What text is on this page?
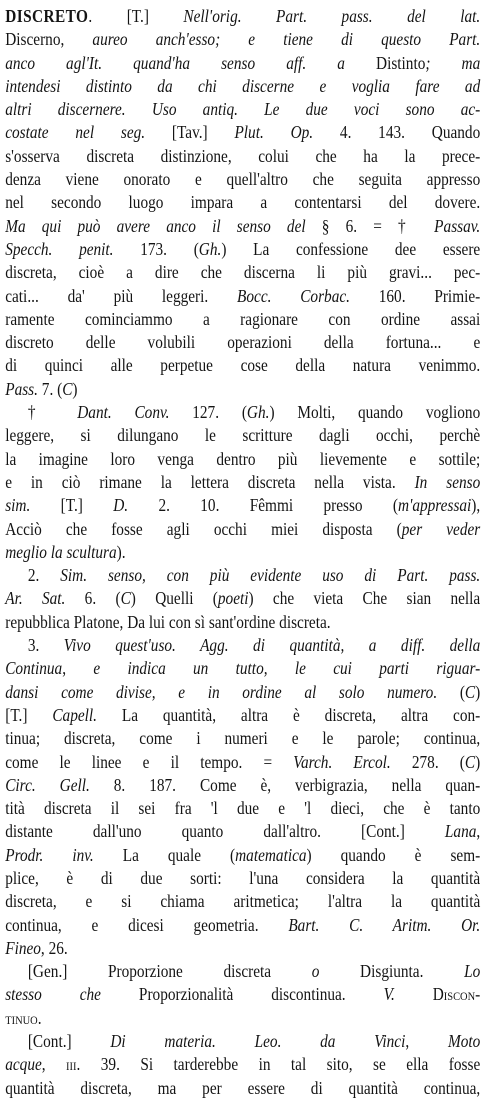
DISCRETO. [T.] Nell'orig. Part. pass. del lat.
Discerno, aureo anch'esso; e tiene di questo Part.
anco agl'It. quand'ha senso aff. a Distinto; ma
intendesi distinto da chi discerne e voglia fare ad
altri discernere. Uso antiq. Le due voci sono ac-
costate nel seg. [Tav.] Plut. Op. 4. 143. Quando
s'osserva discreta distinzione, colui che ha la prece-
denza viene onorato e quell'altro che seguita appresso
nel secondo luogo impara a contentarsi del dovere.
Ma qui può avere anco il senso del § 6. = † Passav.
Specch. penit. 173. (Gh.) La confessione dee essere
discreta, cioè a dire che discerna li più gravi... pec-
cati... da' più leggeri. Bocc. Corbac. 160. Primie-
ramente cominciammo a ragionare con ordine assai
discreto delle volubili operazioni della fortuna... e
di quinci alle perpetue cose della natura venimmo.
Pass. 7. (C)
† Dant. Conv. 127. (Gh.) Molti, quando vogliono
leggere, si dilungano le scritture dagli occhi, perchè
la imagine loro venga dentro più lievemente e sottile;
e in ciò rimane la lettera discreta nella vista. In senso
sim. [T.] D. 2. 10. Fêmmi presso (m'appressai),
Acciò che fosse agli occhi miei disposta (per veder
meglio la scultura).
2. Sim. senso, con più evidente uso di Part. pass.
Ar. Sat. 6. (C) Quelli (poeti) che vieta Che sian nella
repubblica Platone, Da lui con sì sant'ordine discreta.
3. Vivo quest'uso. Agg. di quantità, a diff. della
Continua, e indica un tutto, le cui parti riguar-
dansi come divise, e in ordine al solo numero. (C)
[T.] Capell. La quantità, altra è discreta, altra con-
tinua; discreta, come i numeri e le parole; continua,
come le linee e il tempo. = Varch. Ercol. 278. (C)
Circ. Gell. 8. 187. Come è, verbigrazia, nella quan-
tità discreta il sei fra 'l due e 'l dieci, che è tanto
distante dall'uno quanto dall'altro. [Cont.] Lana,
Prodr. inv. La quale (matematica) quando è sem-
plice, è di due sorti: l'una considera la quantità
discreta, e si chiama aritmetica; l'altra la quantità
continua, e dicesi geometria. Bart. C. Aritm. Or.
Fineo, 26.
[Gen.] Proporzione discreta o Disgiunta. Lo
stesso che Proporzionalità discontinua. V. Discon-
tinuo.
[Cont.] Di materia. Leo. da Vinci, Moto
acque, iii. 39. Si tarderebbe in tal sito, se ella fosse
quantità discreta, ma per essere di quantità continua,
